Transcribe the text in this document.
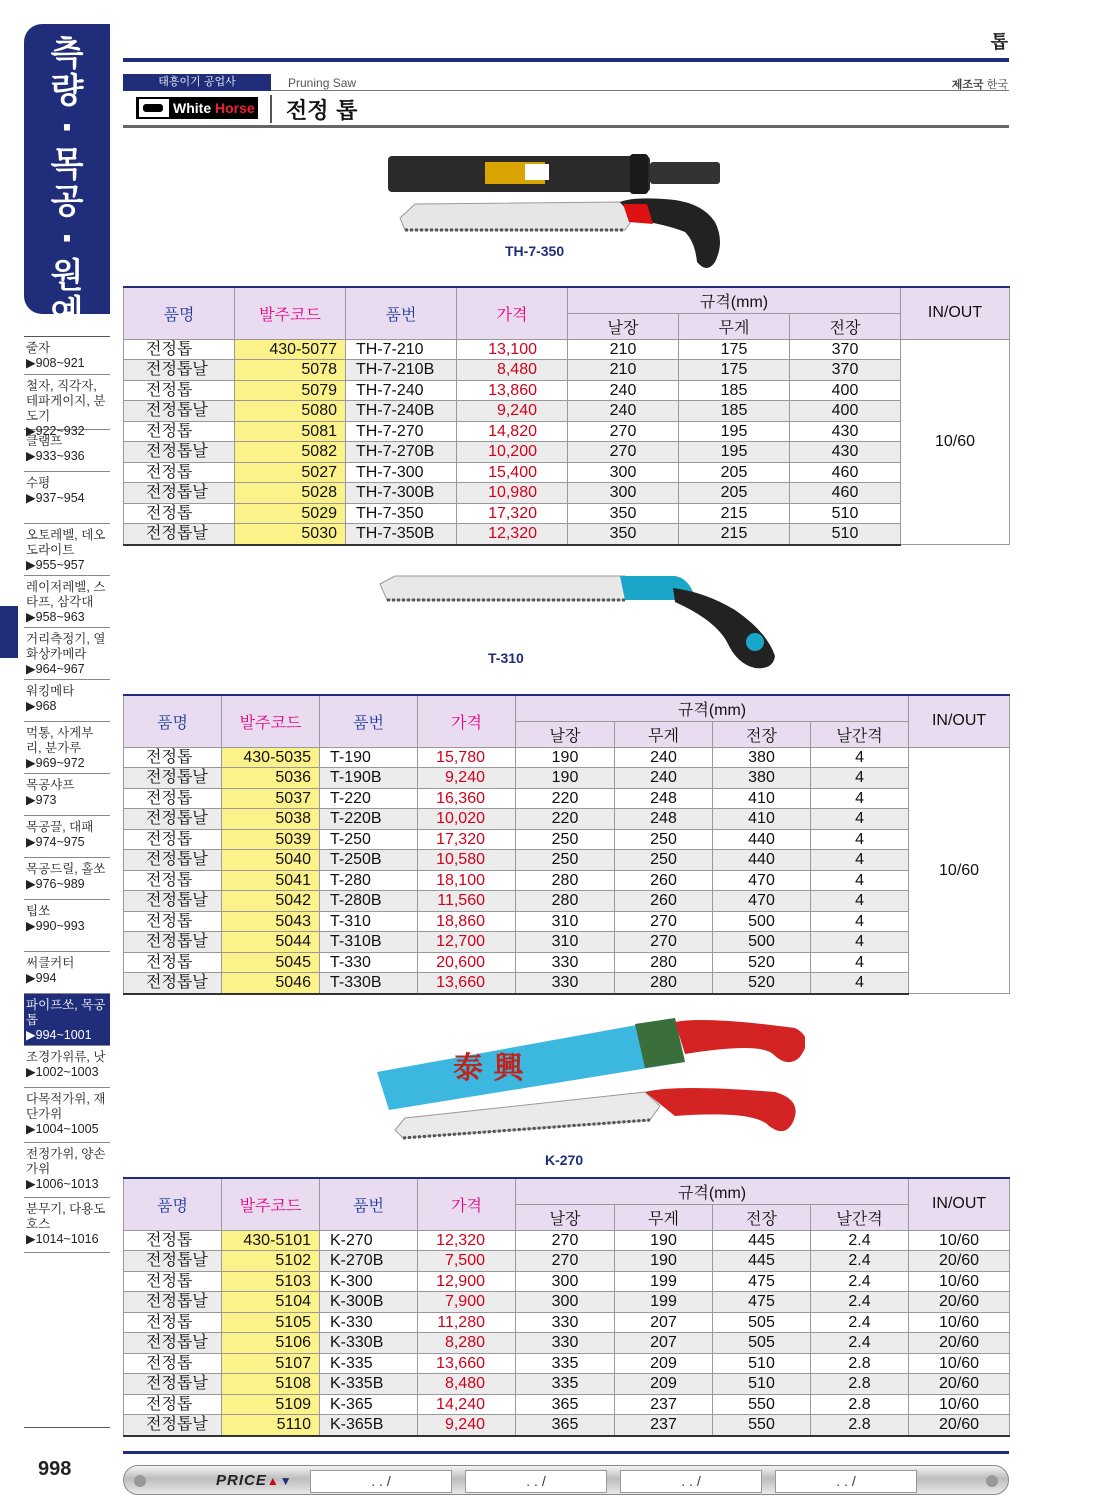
측
량
·
목
공
·
원
예
줄자
▶908~921
철자, 직각자, 테파게이지, 분도기
▶922~932
클램프
▶933~936
수평
▶937~954
오토레벨, 데오도라이트
▶955~957
레이저레벨, 스타프, 삼각대
▶958~963
거리측정기, 열화상카메라
▶964~967
워킹메타
▶968
먹통, 사게부리, 분가루
▶969~972
목공샤프
▶973
목공끌, 대패
▶974~975
목공드릴, 홀쏘
▶976~989
팁쏘
▶990~993
써클커터
▶994
파이프쏘, 목공톱
▶994~1001
조경가위류, 낫
▶1002~1003
다목적가위, 재단가위
▶1004~1005
전정가위, 양손가위
▶1006~1013
분무기, 다용도 호스
▶1014~1016
998
톱
태흥이기 공업사	Pruning Saw	제조국 한국
White
Horse 전정 톱
TH-7-350
품명	발주코드	품번	가격	규격(mm)			IN/OUT
				날장	무게	전장	
전정톱	430-5077	TH-7-210	13,100	210	175	370	10/60
전정톱날	5078	TH-7-210B	8,480	210	175	370	
전정톱	5079	TH-7-240	13,860	240	185	400	
전정톱날	5080	TH-7-240B	9,240	240	185	400	
전정톱	5081	TH-7-270	14,820	270	195	430	
전정톱날	5082	TH-7-270B	10,200	270	195	430	
전정톱	5027	TH-7-300	15,400	300	205	460	
전정톱날	5028	TH-7-300B	10,980	300	205	460	
전정톱	5029	TH-7-350	17,320	350	215	510	
전정톱날	5030	TH-7-350B	12,320	350	215	510	
T-310
품명	발주코드	품번	가격	규격(mm)				IN/OUT
				날장	무게	전장	날간격	
전정톱	430-5035	T-190	15,780	190	240	380	4	10/60
전정톱날	5036	T-190B	9,240	190	240	380	4	
전정톱	5037	T-220	16,360	220	248	410	4	
전정톱날	5038	T-220B	10,020	220	248	410	4	
전정톱	5039	T-250	17,320	250	250	440	4	
전정톱날	5040	T-250B	10,580	250	250	440	4	
전정톱	5041	T-280	18,100	280	260	470	4	
전정톱날	5042	T-280B	11,560	280	260	470	4	
전정톱	5043	T-310	18,860	310	270	500	4	
전정톱날	5044	T-310B	12,700	310	270	500	4	
전정톱	5045	T-330	20,600	330	280	520	4	
전정톱날	5046	T-330B	13,660	330	280	520	4	
泰 興
K-270
품명	발주코드	품번	가격	규격(mm)				IN/OUT
				날장	무게	전장	날간격	
전정톱	430-5101	K-270	12,320	270	190	445	2.4	10/60
전정톱날	5102	K-270B	7,500	270	190	445	2.4	20/60
전정톱	5103	K-300	12,900	300	199	475	2.4	10/60
전정톱날	5104	K-300B	7,900	300	199	475	2.4	20/60
전정톱	5105	K-330	11,280	330	207	505	2.4	10/60
전정톱날	5106	K-330B	8,280	330	207	505	2.4	20/60
전정톱	5107	K-335	13,660	335	209	510	2.8	10/60
전정톱날	5108	K-335B	8,480	335	209	510	2.8	20/60
전정톱	5109	K-365	14,240	365	237	550	2.8	10/60
전정톱날	5110	K-365B	9,240	365	237	550	2.8	20/60
PRICE▲▼	. . /	. . /	. . /	. . /
